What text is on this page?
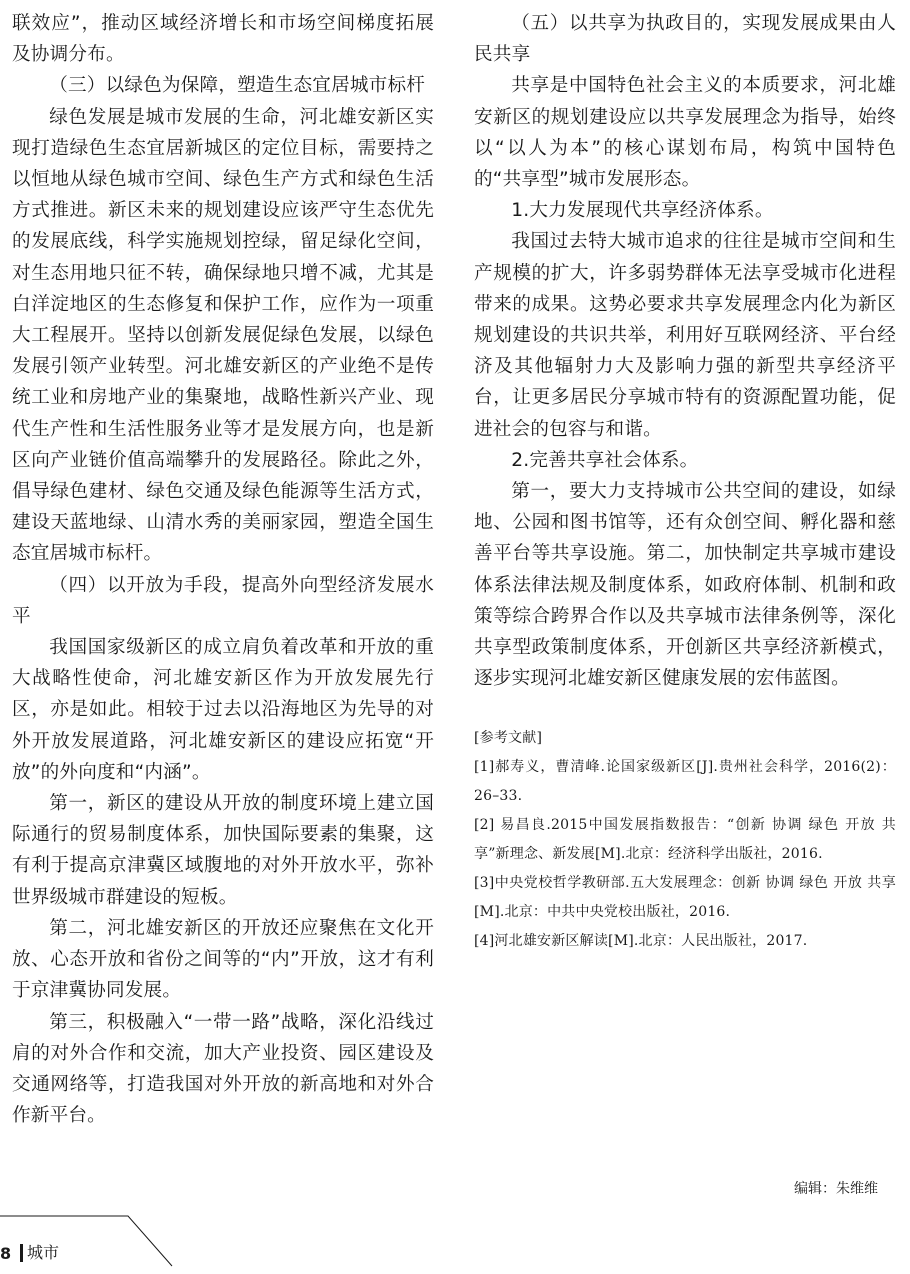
联效应”，推动区域经济增长和市场空间梯度拓展及协调分布。

（三）以绿色为保障，塑造生态宜居城市标杆

绿色发展是城市发展的生命，河北雄安新区实现打造绿色生态宜居新城区的定位目标，需要持之以恒地从绿色城市空间、绿色生产方式和绿色生活方式推进。新区未来的规划建设应该严守生态优先的发展底线，科学实施规划控绿，留足绿化空间，对生态用地只征不转，确保绿地只增不减，尤其是白洋淀地区的生态修复和保护工作，应作为一项重大工程展开。坚持以创新发展促绿色发展，以绿色发展引领产业转型。河北雄安新区的产业绝不是传统工业和房地产业的集聚地，战略性新兴产业、现代生产性和生活性服务业等才是发展方向，也是新区向产业链价值高端攀升的发展路径。除此之外，倡导绿色建材、绿色交通及绿色能源等生活方式，建设天蓝地绿、山清水秀的美丽家园，塑造全国生态宜居城市标杆。

（四）以开放为手段，提高外向型经济发展水平

我国国家级新区的成立肩负着改革和开放的重大战略性使命，河北雄安新区作为开放发展先行区，亦是如此。相较于过去以沿海地区为先导的对外开放发展道路，河北雄安新区的建设应拓宽“开放”的外向度和“内涵”。

第一，新区的建设从开放的制度环境上建立国际通行的贸易制度体系，加快国际要素的集聚，这有利于提高京津冀区域腹地的对外开放水平，弥补世界级城市群建设的短板。

第二，河北雄安新区的开放还应聚焦在文化开放、心态开放和省份之间等的“内”开放，这才有利于京津冀协同发展。

第三，积极融入“一带一路”战略，深化沿线过肩的对外合作和交流，加大产业投资、园区建设及交通网络等，打造我国对外开放的新高地和对外合作新平台。

（五）以共享为执政目的，实现发展成果由人民共享

共享是中国特色社会主义的本质要求，河北雄安新区的规划建设应以共享发展理念为指导，始终以“以人为本”的核心谋划布局，构筑中国特色的“共享型”城市发展形态。

1.大力发展现代共享经济体系。

我国过去特大城市追求的往往是城市空间和生产规模的扩大，许多弱势群体无法享受城市化进程带来的成果。这势必要求共享发展理念内化为新区规划建设的共识共举，利用好互联网经济、平台经济及其他辐射力大及影响力强的新型共享经济平台，让更多居民分享城市特有的资源配置功能，促进社会的包容与和谐。

2.完善共享社会体系。

第一，要大力支持城市公共空间的建设，如绿地、公园和图书馆等，还有众创空间、孵化器和慈善平台等共享设施。第二，加快制定共享城市建设体系法律法规及制度体系，如政府体制、机制和政策等综合跨界合作以及共享城市法律条例等，深化共享型政策制度体系，开创新区共享经济新模式，逐步实现河北雄安新区健康发展的宏伟蓝图。

[参考文献]
[1]郝寿义，曹清峰.论国家级新区[J].贵州社会科学，2016(2)：26–33.
[2] 易昌良.2015中国发展指数报告：“创新 协调 绿色 开放 共享”新理念、新发展[M].北京：经济科学出版社，2016.
[3]中央党校哲学教研部.五大发展理念：创新 协调 绿色 开放 共享[M].北京：中共中央党校出版社，2016.
[4]河北雄安新区解读[M].北京：人民出版社，2017.
编辑：朱维维
8 城市
